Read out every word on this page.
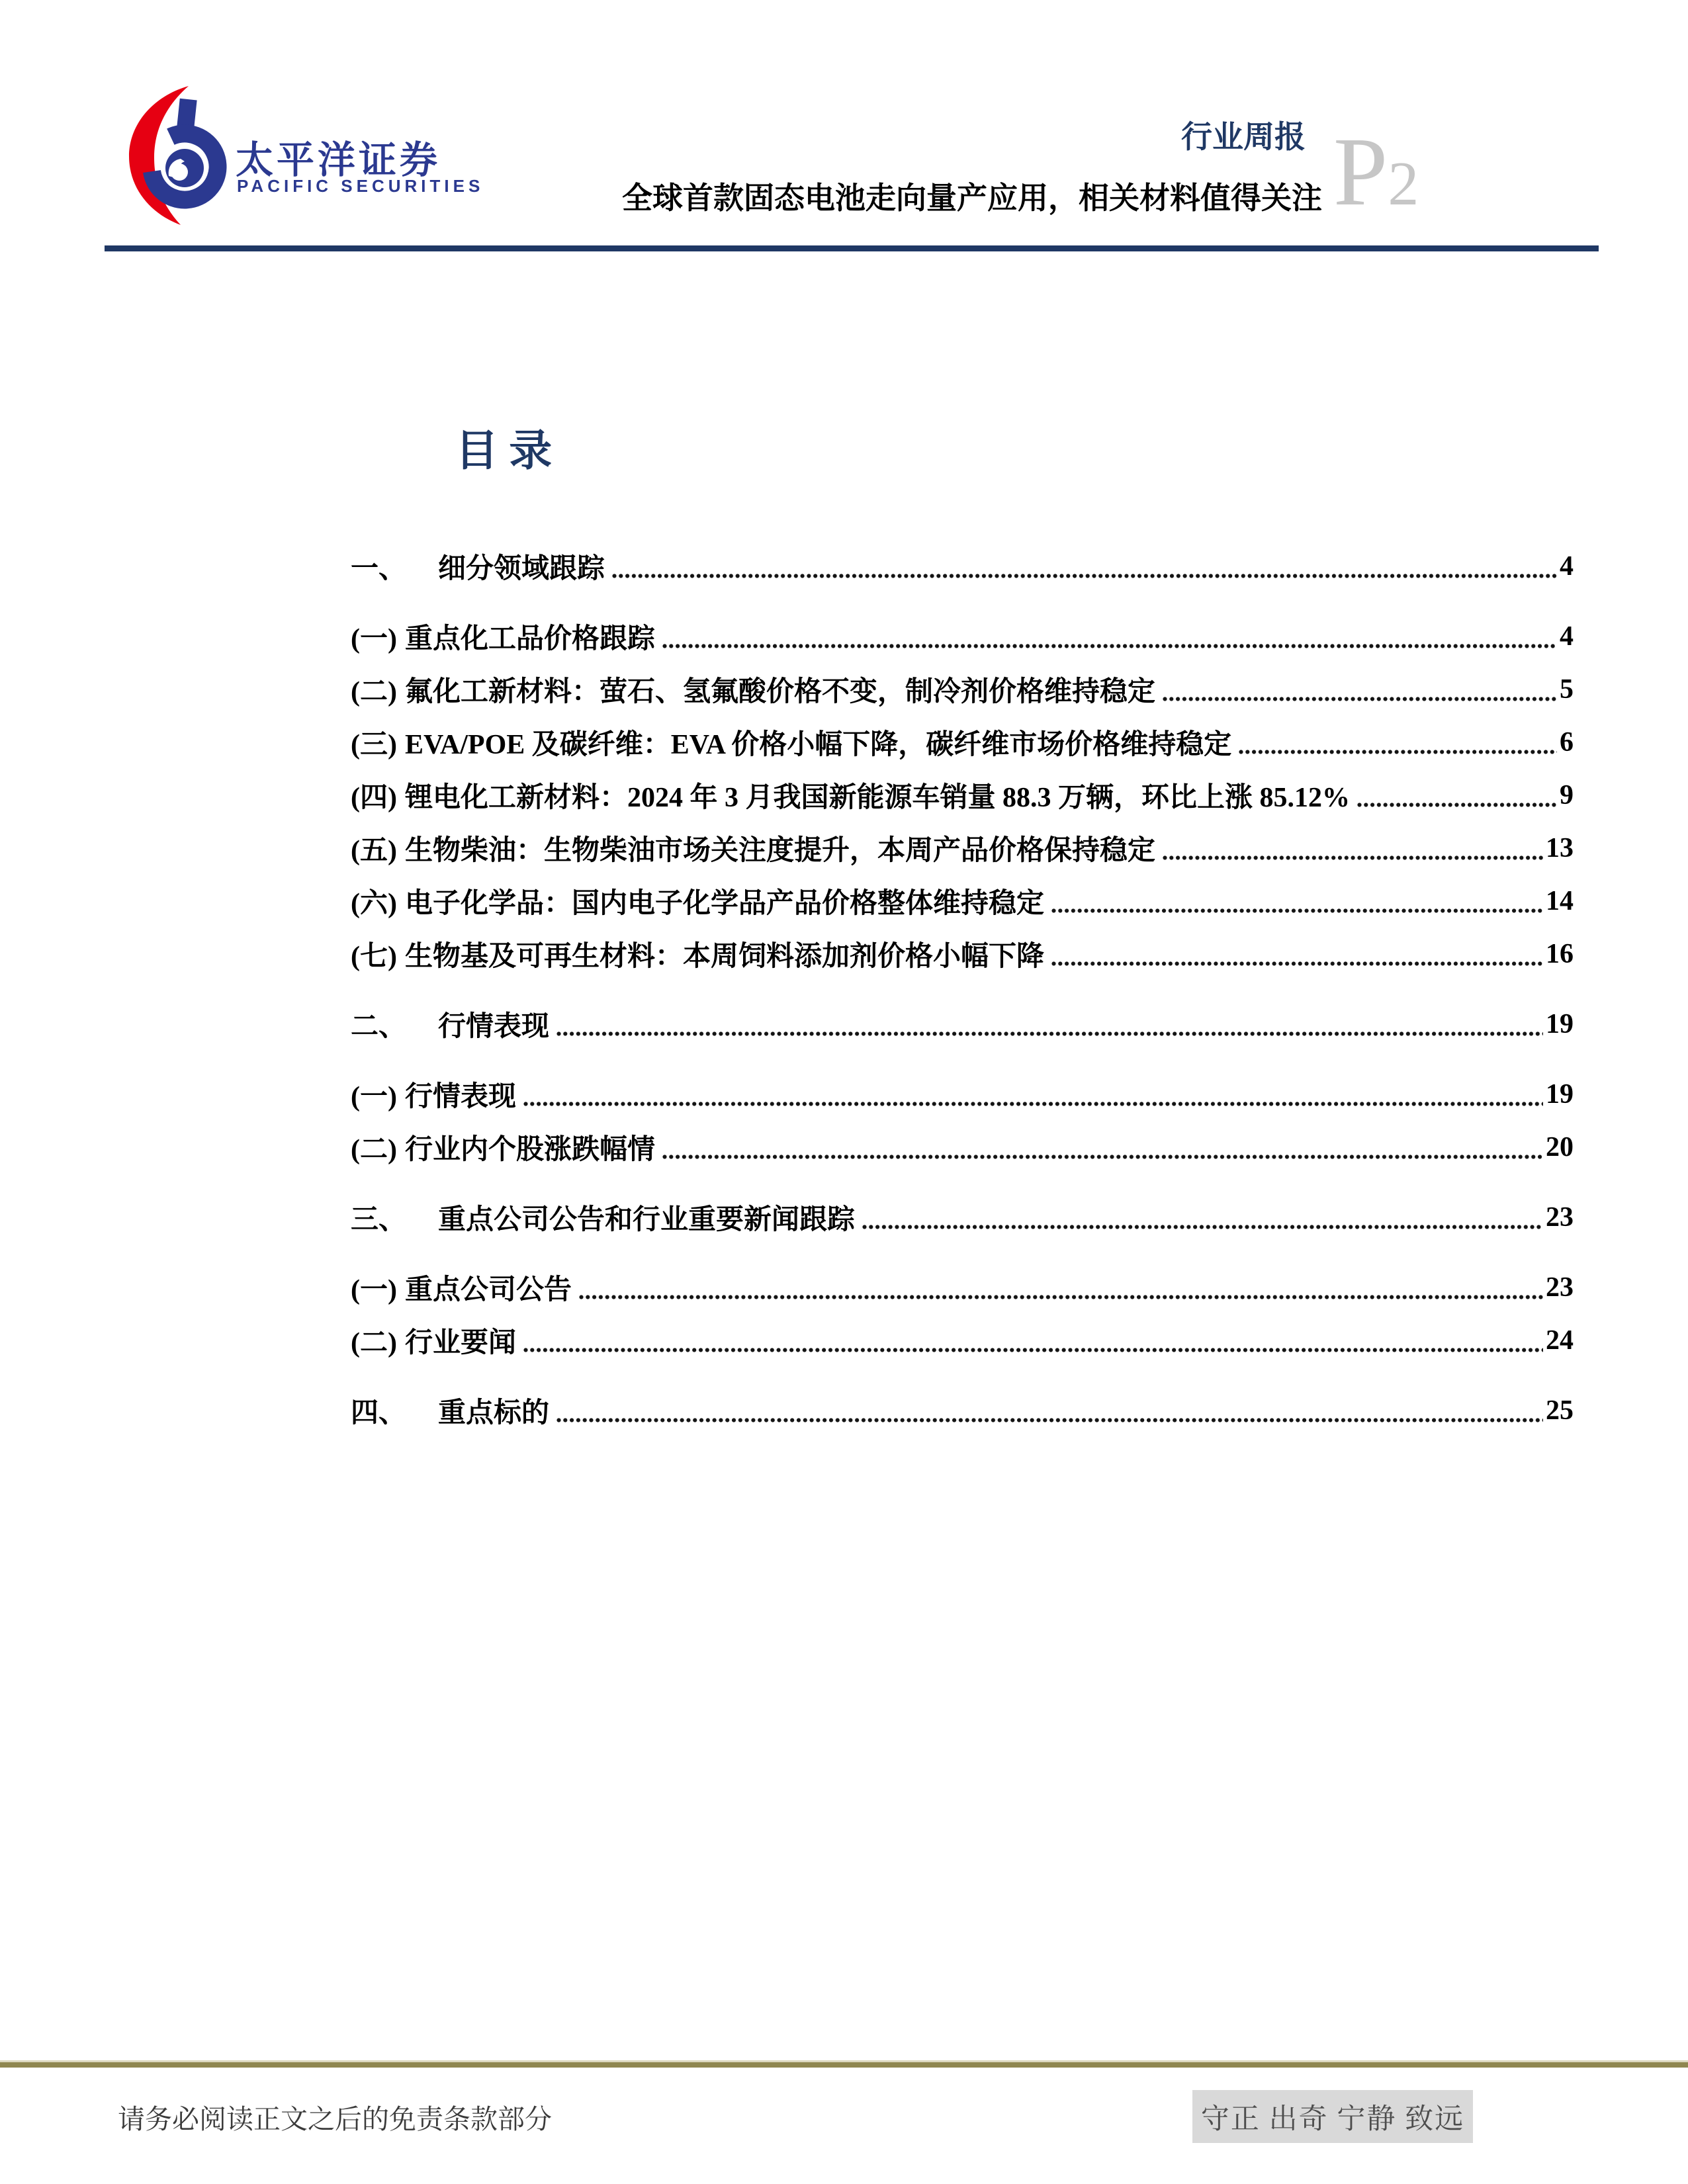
太平洋证券
PACIFIC SECURITIES
行业周报
全球首款固态电池走向量产应用，相关材料值得关注 P 2
目 录
一、	细分领域跟踪	4
(一) 重点化工品价格跟踪	4
(二) 氟化工新材料：萤石、氢氟酸价格不变，制冷剂价格维持稳定	5
(三) EVA/POE 及碳纤维：EVA 价格小幅下降，碳纤维市场价格维持稳定	6
(四) 锂电化工新材料：2024 年 3 月我国新能源车销量 88.3 万辆，环比上涨 85.12%	9
(五) 生物柴油：生物柴油市场关注度提升，本周产品价格保持稳定	13
(六) 电子化学品：国内电子化学品产品价格整体维持稳定	14
(七) 生物基及可再生材料：本周饲料添加剂价格小幅下降	16
二、	行情表现	19
(一) 行情表现	19
(二) 行业内个股涨跌幅情	20
三、	重点公司公告和行业重要新闻跟踪	23
(一) 重点公司公告	23
(二) 行业要闻	24
四、	重点标的	25
请务必阅读正文之后的免责条款部分	守正 出奇 宁静 致远
